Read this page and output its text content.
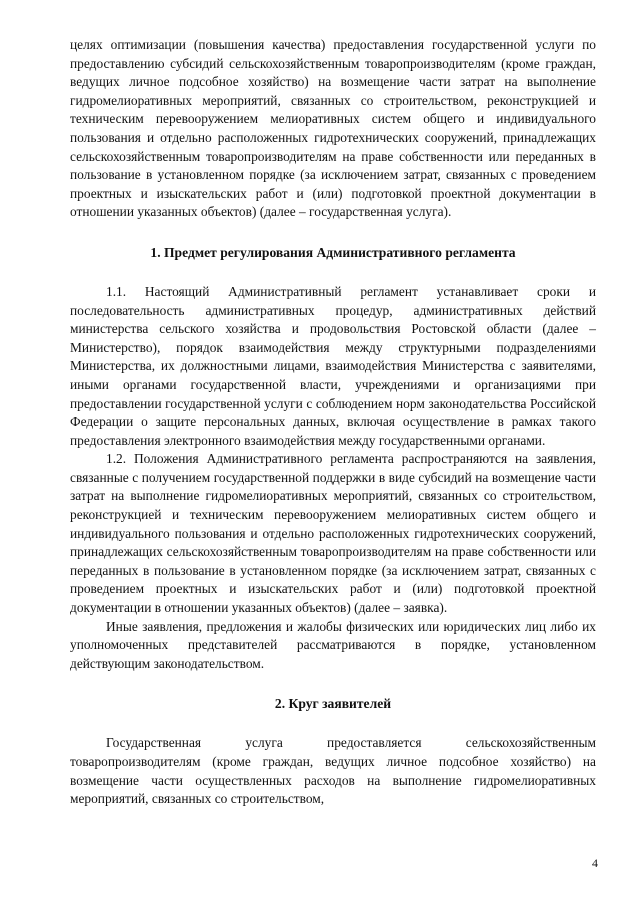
целях оптимизации (повышения качества) предоставления государственной услуги по предоставлению субсидий сельскохозяйственным товаропроизводителям (кроме граждан, ведущих личное подсобное хозяйство) на возмещение части затрат на выполнение гидромелиоративных мероприятий, связанных со строительством, реконструкцией и техническим перевооружением мелиоративных систем общего и индивидуального пользования и отдельно расположенных гидротехнических сооружений, принадлежащих сельскохозяйственным товаропроизводителям на праве собственности или переданных в пользование в установленном порядке (за исключением затрат, связанных с проведением проектных и изыскательских работ и (или) подготовкой проектной документации в отношении указанных объектов) (далее – государственная услуга).

1. Предмет регулирования Административного регламента

1.1. Настоящий Административный регламент устанавливает сроки и последовательность административных процедур, административных действий министерства сельского хозяйства и продовольствия Ростовской области (далее – Министерство), порядок взаимодействия между структурными подразделениями Министерства, их должностными лицами, взаимодействия Министерства с заявителями, иными органами государственной власти, учреждениями и организациями при предоставлении государственной услуги с соблюдением норм законодательства Российской Федерации о защите персональных данных, включая осуществление в рамках такого предоставления электронного взаимодействия между государственными органами.

1.2. Положения Административного регламента распространяются на заявления, связанные с получением государственной поддержки в виде субсидий на возмещение части затрат на выполнение гидромелиоративных мероприятий, связанных со строительством, реконструкцией и техническим перевооружением мелиоративных систем общего и индивидуального пользования и отдельно расположенных гидротехнических сооружений, принадлежащих сельскохозяйственным товаропроизводителям на праве собственности или переданных в пользование в установленном порядке (за исключением затрат, связанных с проведением проектных и изыскательских работ и (или) подготовкой проектной документации в отношении указанных объектов) (далее – заявка).

Иные заявления, предложения и жалобы физических или юридических лиц либо их уполномоченных представителей рассматриваются в порядке, установленном действующим законодательством.

2. Круг заявителей

Государственная услуга предоставляется сельскохозяйственным товаропроизводителям (кроме граждан, ведущих личное подсобное хозяйство) на возмещение части осуществленных расходов на выполнение гидромелиоративных мероприятий, связанных со строительством,

4
